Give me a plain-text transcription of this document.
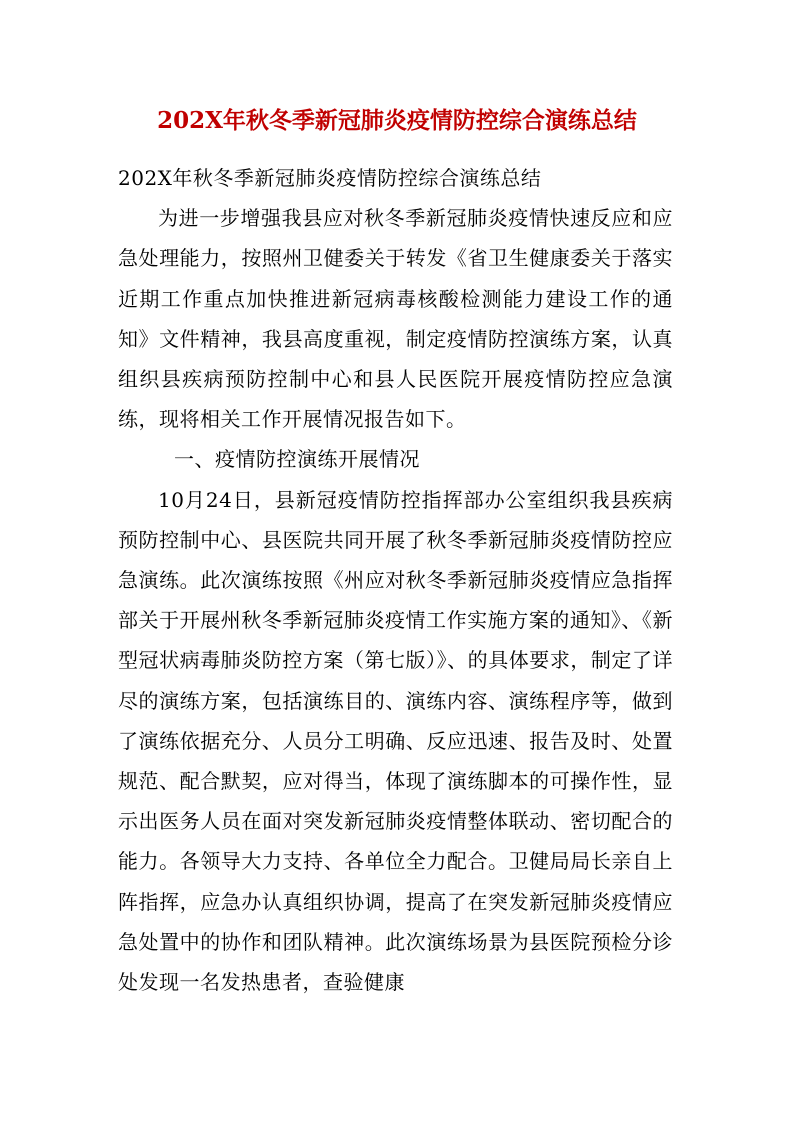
202X年秋冬季新冠肺炎疫情防控综合演练总结

202X年秋冬季新冠肺炎疫情防控综合演练总结

为进一步增强我县应对秋冬季新冠肺炎疫情快速反应和应急处理能力，按照州卫健委关于转发《省卫生健康委关于落实近期工作重点加快推进新冠病毒核酸检测能力建设工作的通知》文件精神，我县高度重视，制定疫情防控演练方案，认真组织县疾病预防控制中心和县人民医院开展疫情防控应急演练，现将相关工作开展情况报告如下。

一、疫情防控演练开展情况

10月24日，县新冠疫情防控指挥部办公室组织我县疾病预防控制中心、县医院共同开展了秋冬季新冠肺炎疫情防控应急演练。此次演练按照《州应对秋冬季新冠肺炎疫情应急指挥部关于开展州秋冬季新冠肺炎疫情工作实施方案的通知》、《新型冠状病毒肺炎防控方案（第七版）》、的具体要求，制定了详尽的演练方案，包括演练目的、演练内容、演练程序等，做到了演练依据充分、人员分工明确、反应迅速、报告及时、处置规范、配合默契，应对得当，体现了演练脚本的可操作性，显示出医务人员在面对突发新冠肺炎疫情整体联动、密切配合的能力。各领导大力支持、各单位全力配合。卫健局局长亲自上阵指挥，应急办认真组织协调，提高了在突发新冠肺炎疫情应急处置中的协作和团队精神。此次演练场景为县医院预检分诊处发现一名发热患者，查验健康
